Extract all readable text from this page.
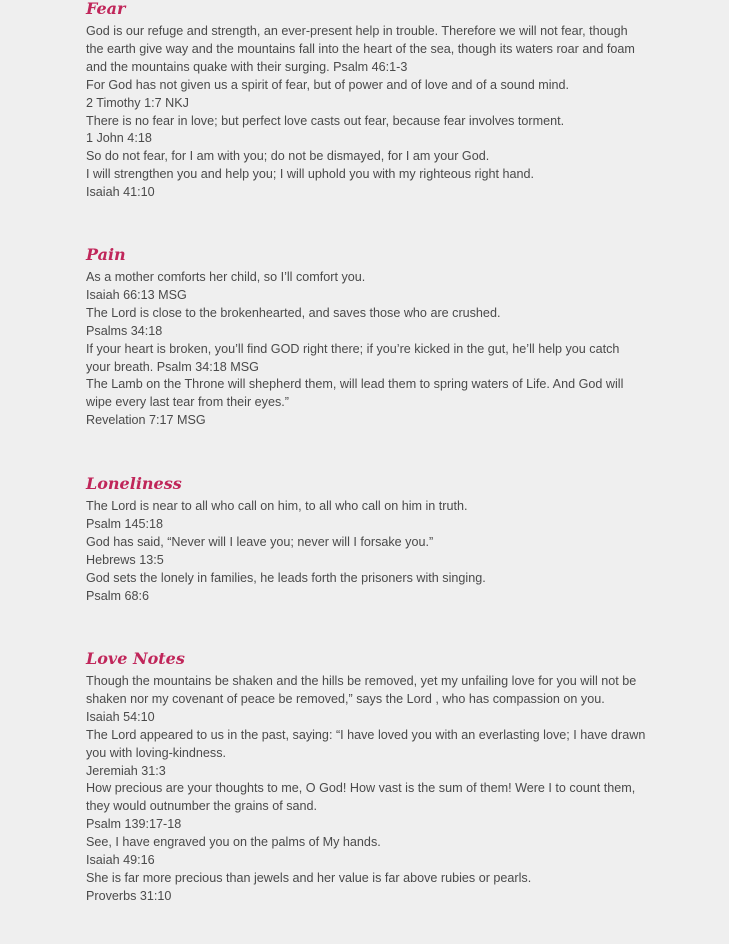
Fear
God is our refuge and strength, an ever-present help in trouble. Therefore we will not fear, though
the earth give way and the mountains fall into the heart of the sea, though its waters roar and foam
and the mountains quake with their surging. Psalm 46:1-3
For God has not given us a spirit of fear, but of power and of love and of a sound mind.
2 Timothy 1:7 NKJ
There is no fear in love; but perfect love casts out fear, because fear involves torment.
1 John 4:18
So do not fear, for I am with you; do not be dismayed, for I am your God.
I will strengthen you and help you; I will uphold you with my righteous right hand.
Isaiah 41:10
Pain
As a mother comforts her child, so I’ll comfort you.
Isaiah 66:13 MSG
The Lord is close to the brokenhearted, and saves those who are crushed.
Psalms 34:18
If your heart is broken, you’ll find GOD right there; if you’re kicked in the gut, he’ll help you catch
your breath. Psalm 34:18 MSG
The Lamb on the Throne will shepherd them, will lead them to spring waters of Life. And God will
wipe every last tear from their eyes.”
Revelation 7:17 MSG
Loneliness
The Lord is near to all who call on him, to all who call on him in truth.
Psalm 145:18
God has said, “Never will I leave you; never will I forsake you.”
Hebrews 13:5
God sets the lonely in families, he leads forth the prisoners with singing.
Psalm 68:6
Love Notes
Though the mountains be shaken and the hills be removed, yet my unfailing love for you will not be
shaken nor my covenant of peace be removed,” says the Lord , who has compassion on you.
Isaiah 54:10
The Lord appeared to us in the past, saying: “I have loved you with an everlasting love; I have drawn
you with loving-kindness.
Jeremiah 31:3
How precious are your thoughts to me, O God! How vast is the sum of them! Were I to count them,
they would outnumber the grains of sand.
Psalm 139:17-18
See, I have engraved you on the palms of My hands.
Isaiah 49:16
She is far more precious than jewels and her value is far above rubies or pearls.
Proverbs 31:10
